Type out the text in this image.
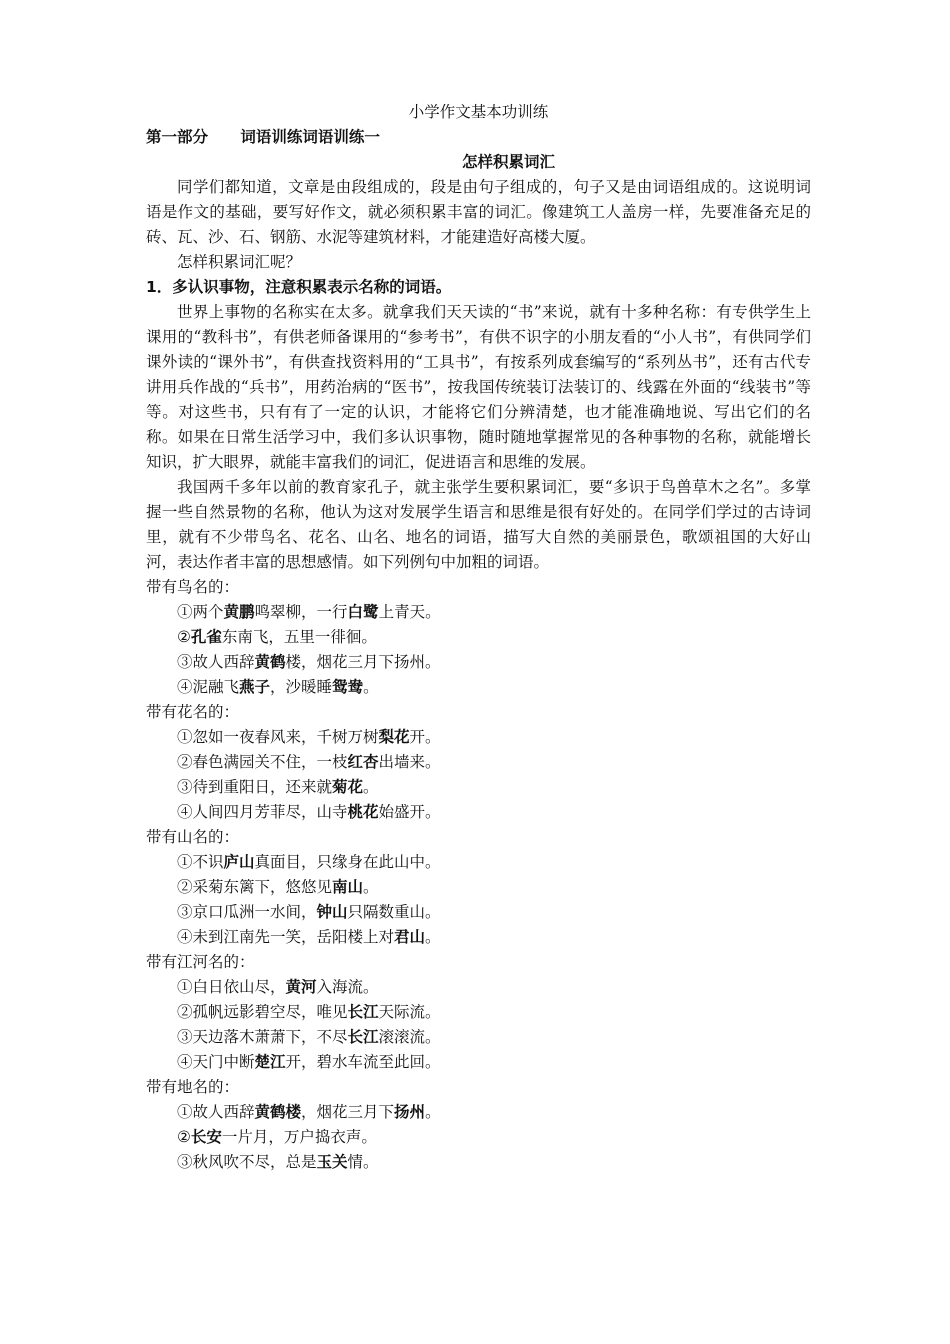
小学作文基本功训练
第一部分 词语训练词语训练一
怎样积累词汇

同学们都知道，文章是由段组成的，段是由句子组成的，句子又是由词语组成的。这说明词语是作文的基础，要写好作文，就必须积累丰富的词汇。像建筑工人盖房一样，先要准备充足的砖、瓦、沙、石、钢筋、水泥等建筑材料，才能建造好高楼大厦。

怎样积累词汇呢？

1．多认识事物，注意积累表示名称的词语。

世界上事物的名称实在太多。就拿我们天天读的“书”来说，就有十多种名称：有专供学生上课用的“教科书”，有供老师备课用的“参考书”，有供不识字的小朋友看的“小人书”，有供同学们课外读的“课外书”，有供查找资料用的“工具书”，有按系列成套编写的“系列丛书”，还有古代专讲用兵作战的“兵书”，用药治病的“医书”，按我国传统装订法装订的、线露在外面的“线装书”等等。对这些书，只有有了一定的认识，才能将它们分辨清楚，也才能准确地说、写出它们的名称。如果在日常生活学习中，我们多认识事物，随时随地掌握常见的各种事物的名称，就能增长知识，扩大眼界，就能丰富我们的词汇，促进语言和思维的发展。

我国两千多年以前的教育家孔子，就主张学生要积累词汇，要“多识于鸟兽草木之名”。多掌握一些自然景物的名称，他认为这对发展学生语言和思维是很有好处的。在同学们学过的古诗词里，就有不少带鸟名、花名、山名、地名的词语，描写大自然的美丽景色，歌颂祖国的大好山河，表达作者丰富的思想感情。如下列例句中加粗的词语。

带有鸟名的：

①两个黄鹏鸣翠柳，一行白鹭上青天。

②孔雀东南飞，五里一徘徊。

③故人西辞黄鹤楼，烟花三月下扬州。

④泥融飞燕子，沙暖睡鸳鸯。

带有花名的：

①忽如一夜春风来，千树万树梨花开。

②春色满园关不住，一枝红杏出墙来。

③待到重阳日，还来就菊花。

④人间四月芳菲尽，山寺桃花始盛开。

带有山名的：

①不识庐山真面目，只缘身在此山中。

②采菊东篱下，悠悠见南山。

③京口瓜洲一水间，钟山只隔数重山。

④未到江南先一笑，岳阳楼上对君山。

带有江河名的：

①白日依山尽，黄河入海流。

②孤帆远影碧空尽，唯见长江天际流。

③天边落木萧萧下，不尽长江滚滚流。

④天门中断楚江开，碧水车流至此回。

带有地名的：

①故人西辞黄鹤楼，烟花三月下扬州。

②长安一片月，万户捣衣声。

③秋风吹不尽，总是玉关情。
